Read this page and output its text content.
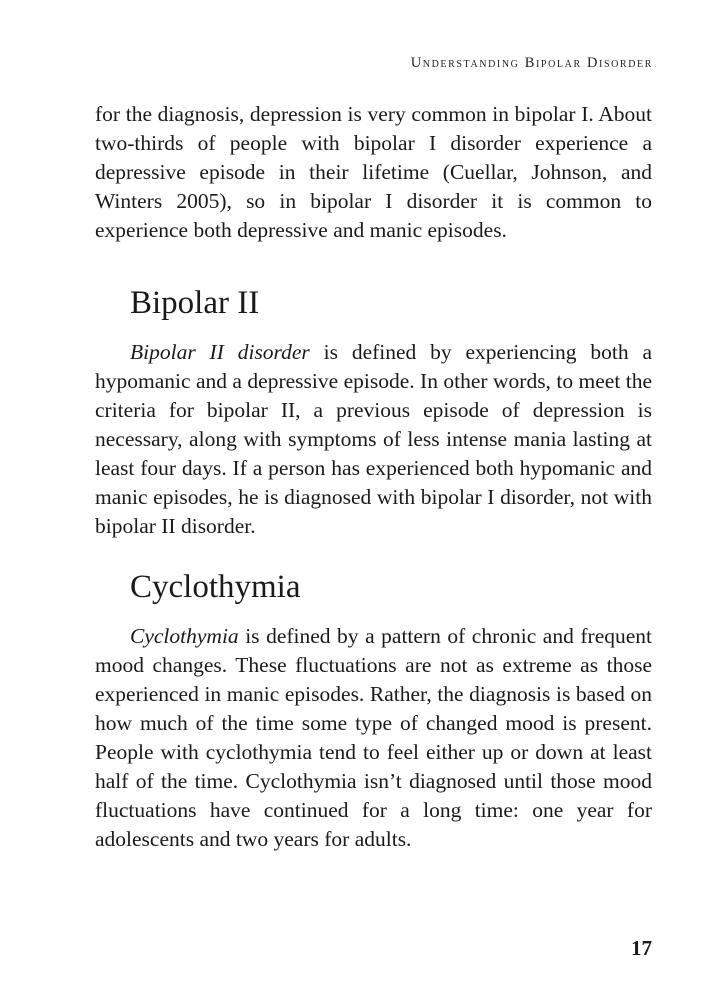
Understanding Bipolar Disorder

for the diagnosis, depression is very common in bipolar I. About two-thirds of people with bipolar I disorder experience a depressive episode in their lifetime (Cuellar, Johnson, and Winters 2005), so in bipolar I disorder it is common to experience both depressive and manic episodes.

Bipolar II

Bipolar II disorder is defined by experiencing both a hypomanic and a depressive episode. In other words, to meet the criteria for bipolar II, a previous episode of depression is necessary, along with symptoms of less intense mania lasting at least four days. If a person has experienced both hypomanic and manic episodes, he is diagnosed with bipolar I disorder, not with bipolar II disorder.

Cyclothymia

Cyclothymia is defined by a pattern of chronic and frequent mood changes. These fluctuations are not as extreme as those experienced in manic episodes. Rather, the diagnosis is based on how much of the time some type of changed mood is present. People with cyclothymia tend to feel either up or down at least half of the time. Cyclothymia isn’t diagnosed until those mood fluctuations have continued for a long time: one year for adolescents and two years for adults.

17
